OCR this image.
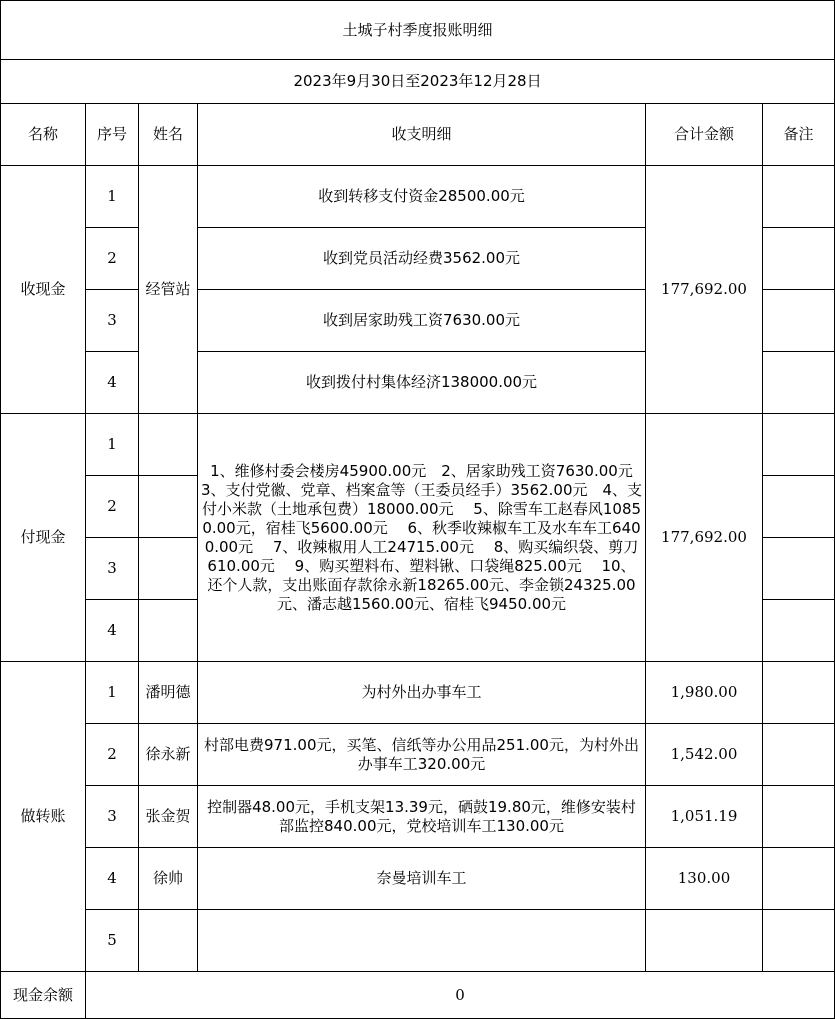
土城子村季度报账明细					
2023年9月30日至2023年12月28日					
名称	序号	姓名	收支明细	合计金额	备注
收现金	1	经管站	收到转移支付资金28500.00元	177,692.00	
	2		收到党员活动经费3562.00元		
	3		收到居家助残工资7630.00元		
	4		收到拨付村集体经济138000.00元		
付现金	1		1、维修村委会楼房45900.00元　2、居家助残工资7630.00元 3、支付党徽、党章、档案盒等（王委员经手）3562.00元　4、支付小米款（土地承包费）18000.00元　 5、除雪车工赵春风10850.00元，宿桂飞5600.00元　 6、秋季收辣椒车工及水车车工6400.00元　 7、收辣椒用人工24715.00元　 8、购买编织袋、剪刀610.00元　 9、购买塑料布、塑料锹、口袋绳825.00元　 10、还个人款，支出账面存款徐永新18265.00元、李金锁24325.00元、潘志越1560.00元、宿桂飞9450.00元	177,692.00	
	2				
	3				
	4				
做转账	1	潘明德	为村外出办事车工	1,980.00	
	2	徐永新	村部电费971.00元，买笔、信纸等办公用品251.00元，为村外出办事车工320.00元	1,542.00	
	3	张金贺	控制器48.00元，手机支架13.39元，硒鼓19.80元，维修安装村部监控840.00元，党校培训车工130.00元	1,051.19	
	4	徐帅	奈曼培训车工	130.00	
	5				
现金余额	0				
